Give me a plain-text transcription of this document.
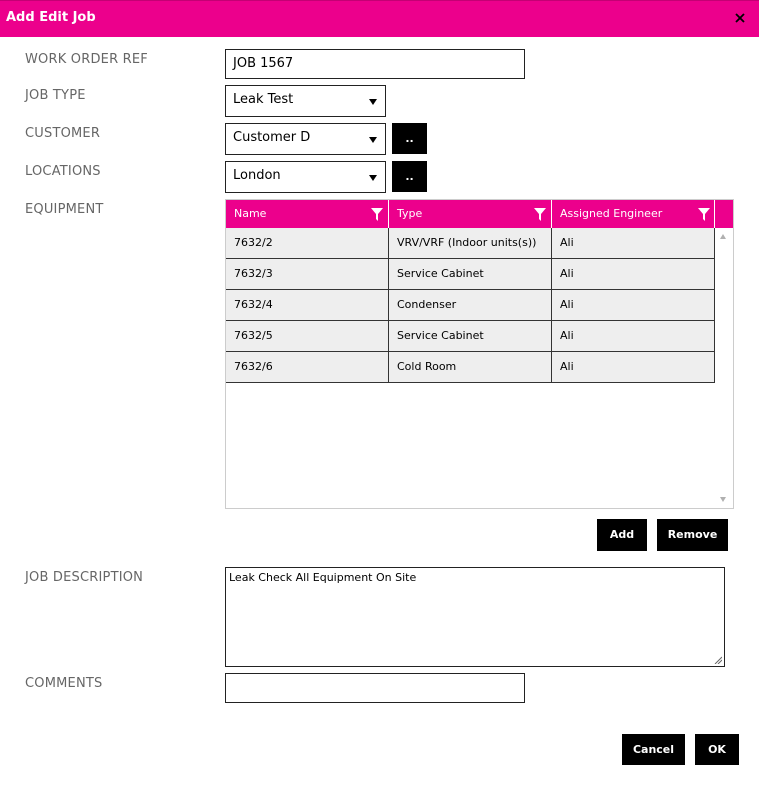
Add Edit Job
WORK ORDER REF	JOB 1567
JOB TYPE	Leak Test
CUSTOMER	Customer D	..
LOCATIONS	London	..
EQUIPMENT	Name	Type	Assigned Engineer
7632/2	VRV/VRF (Indoor units(s))	Ali
7632/3	Service Cabinet	Ali
7632/4	Condenser	Ali
7632/5	Service Cabinet	Ali
7632/6	Cold Room	Ali
Add	Remove
JOB DESCRIPTION	Leak Check All Equipment On Site
COMMENTS
Cancel	OK
